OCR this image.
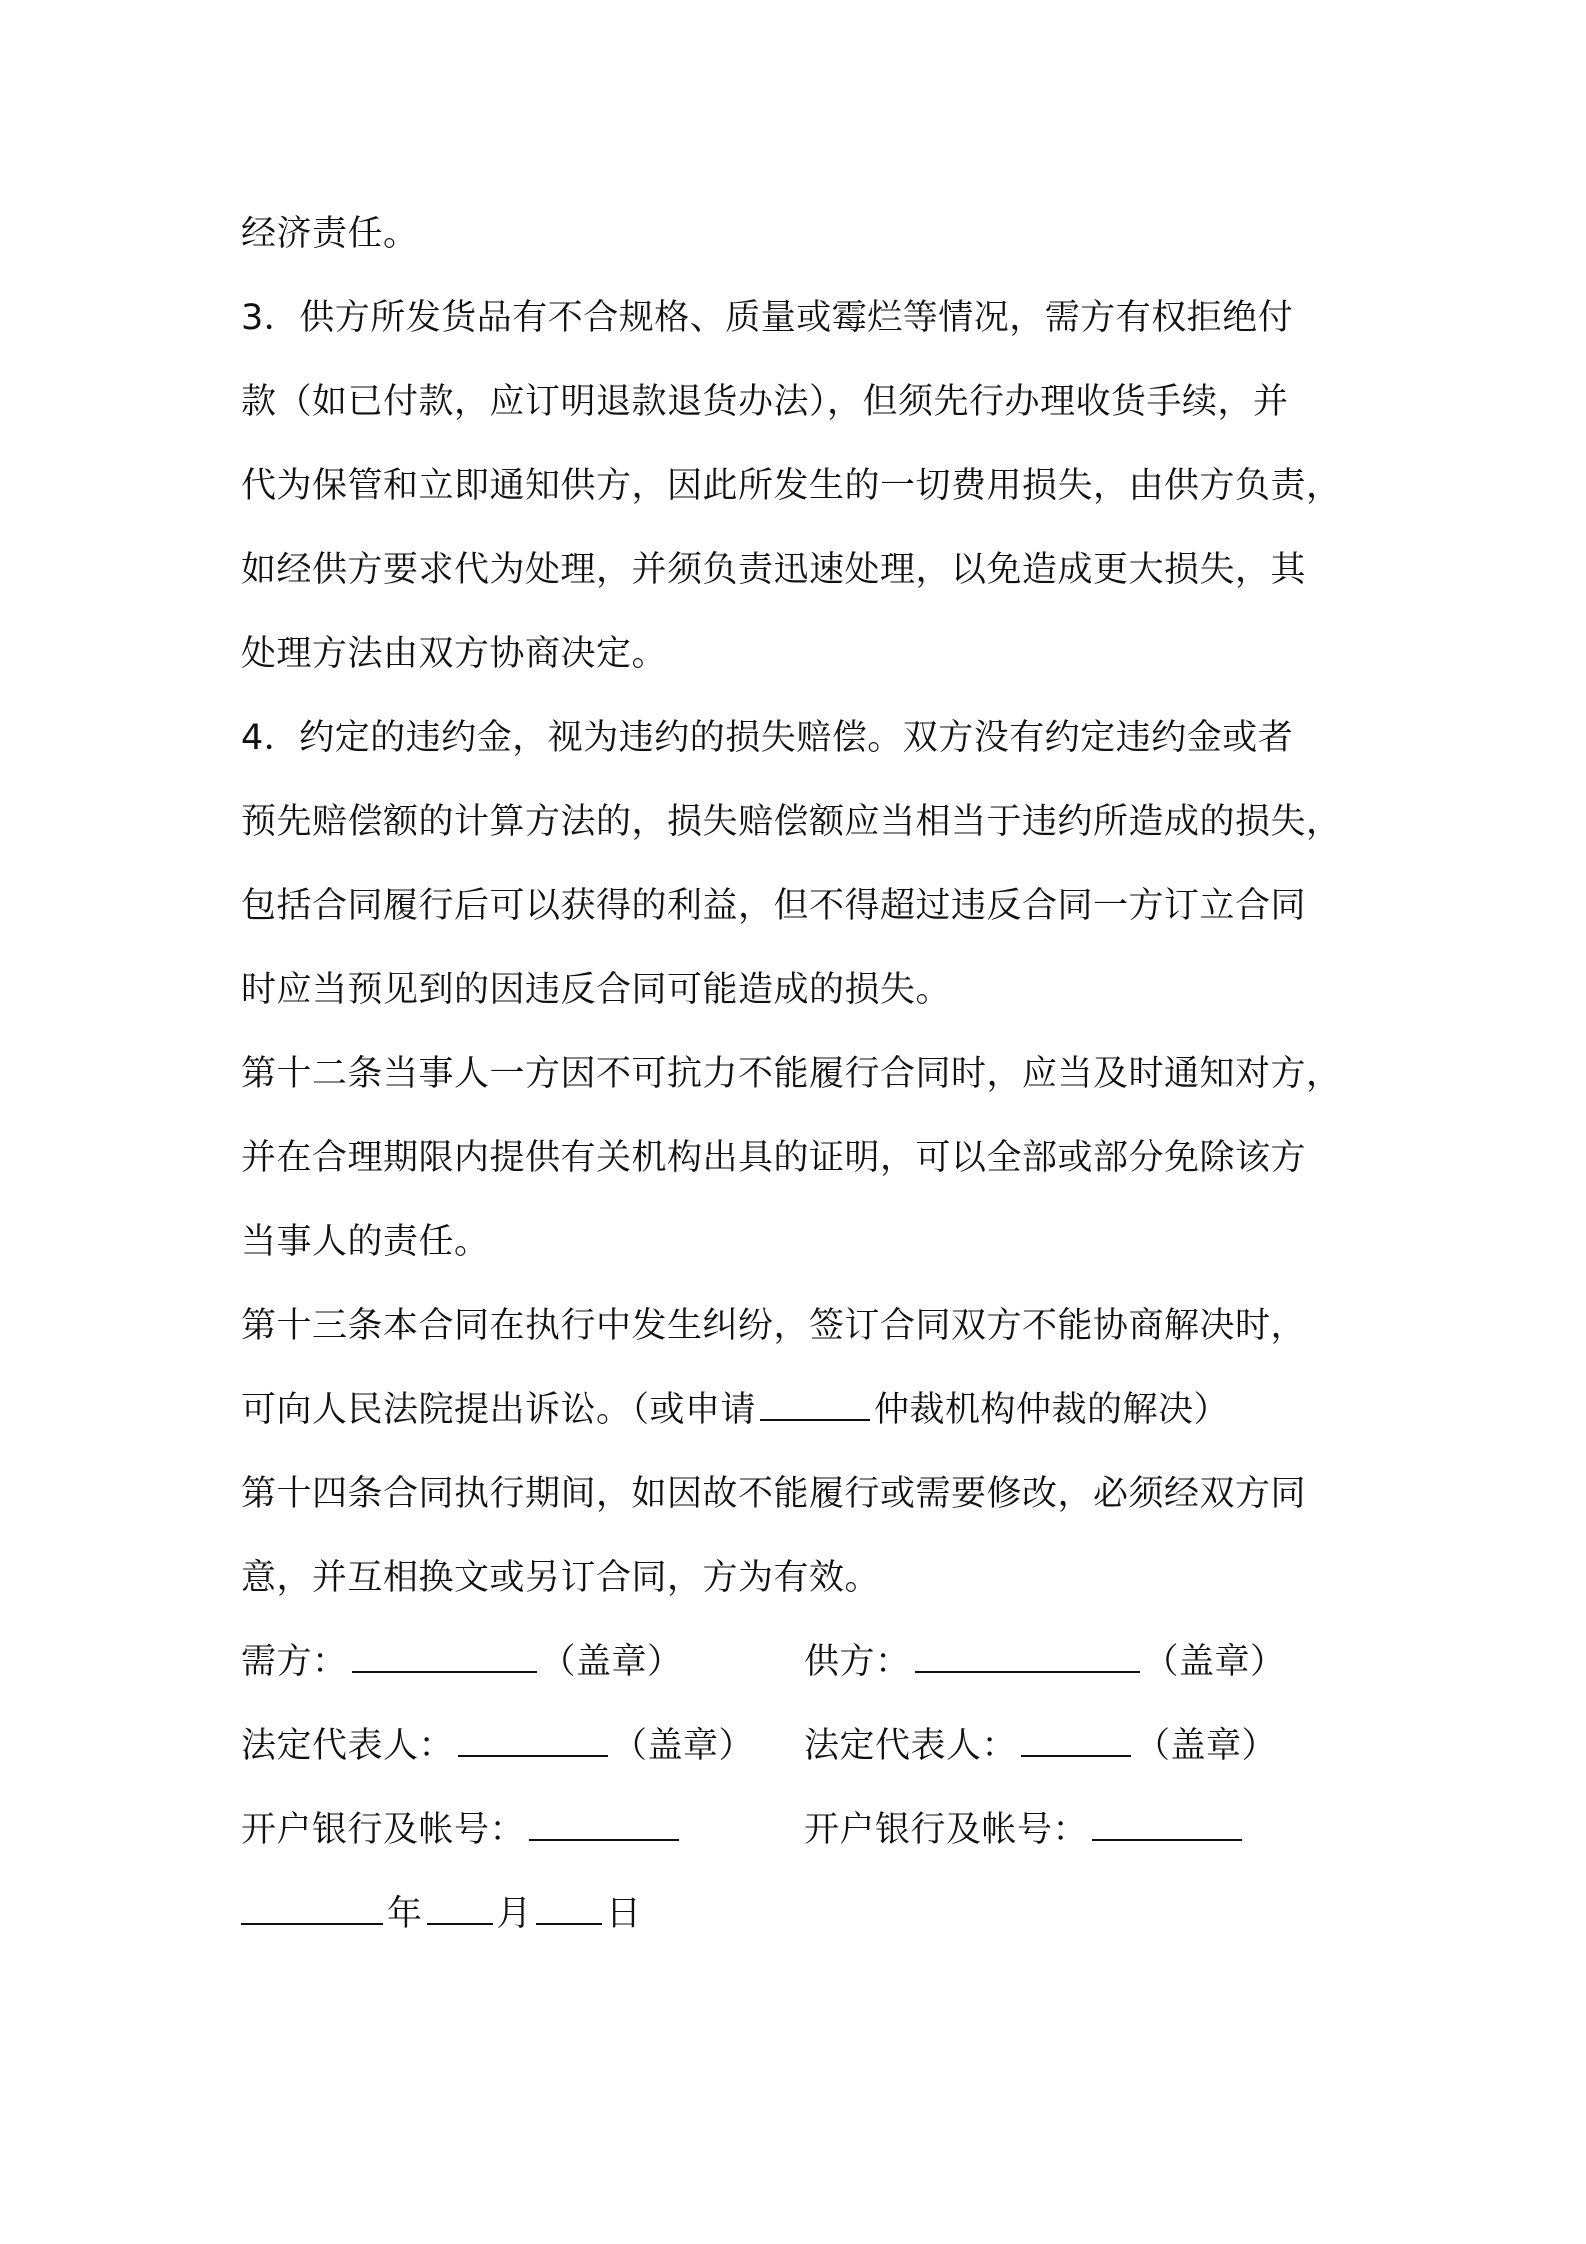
经济责任。
3．供方所发货品有不合规格、质量或霉烂等情况，需方有权拒绝付
款（如已付款，应订明退款退货办法），但须先行办理收货手续，并
代为保管和立即通知供方，因此所发生的一切费用损失，由供方负责，
如经供方要求代为处理，并须负责迅速处理，以免造成更大损失，其
处理方法由双方协商决定。
4．约定的违约金，视为违约的损失赔偿。双方没有约定违约金或者
预先赔偿额的计算方法的，损失赔偿额应当相当于违约所造成的损失，
包括合同履行后可以获得的利益，但不得超过违反合同一方订立合同
时应当预见到的因违反合同可能造成的损失。
第十二条当事人一方因不可抗力不能履行合同时，应当及时通知对方，
并在合理期限内提供有关机构出具的证明，可以全部或部分免除该方
当事人的责任。
第十三条本合同在执行中发生纠纷，签订合同双方不能协商解决时，
可向人民法院提出诉讼。（或申请	仲裁机构仲裁的解决）
第十四条合同执行期间，如因故不能履行或需要修改，必须经双方同
意，并互相换文或另订合同，方为有效。
需方：	（盖章）	供方：	（盖章）
法定代表人：	（盖章） 法定代表人：	（盖章）
开户银行及帐号：	开户银行及帐号：
年 月 日
